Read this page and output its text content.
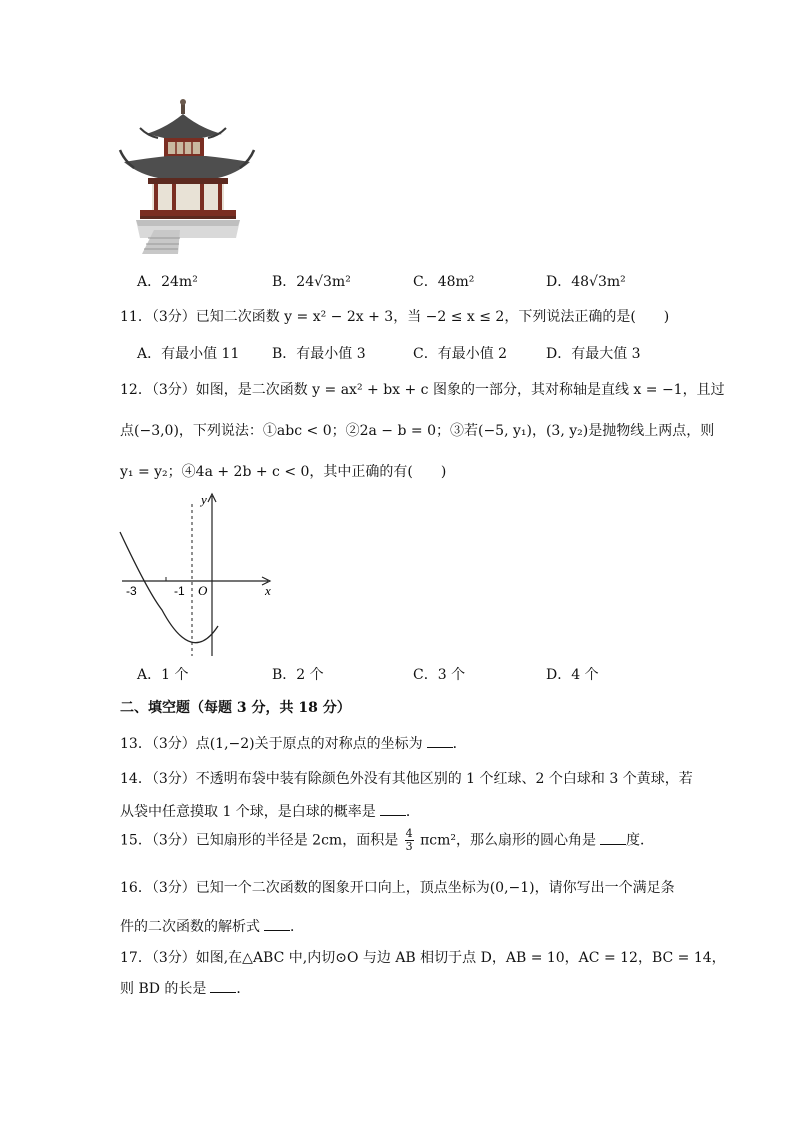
A．24m²	B．24√3m²	C．48m²	D．48√3m²
11．（3分）已知二次函数 y = x² − 2x + 3，当 −2 ≤ x ≤ 2，下列说法正确的是(　　)
A．有最小值 11 B．有最小值 3	C．有最小值 2	D．有最大值 3
12．（3分）如图，是二次函数 y = ax² + bx + c 图象的一部分，其对称轴是直线 x = −1，且过
点(−3,0)，下列说法：①abc < 0；②2a − b = 0；③若(−5, y₁)，(3, y₂)是抛物线上两点，则
y₁ = y₂；④4a + 2b + c < 0，其中正确的有(　　)
x
y
O
-3	-1
A．1 个	B．2 个	C．3 个	D．4 个
二、填空题（每题 3 分，共 18 分）
13．（3分）点(1,−2)关于原点的对称点的坐标为 ．
14．（3分）不透明布袋中装有除颜色外没有其他区别的 1 个红球、2 个白球和 3 个黄球，若
从袋中任意摸取 1 个球，是白球的概率是 ．
15．（3分）已知扇形的半径是 2cm，面积是 $\frac{4}{3} \pi cm^2$，那么扇形的圆心角是 度．
16．（3分）已知一个二次函数的图象开口向上，顶点坐标为(0,−1)，请你写出一个满足条
件的二次函数的解析式 ．
17．（3分）如图,在△ABC 中,内切⊙O 与边 AB 相切于点 D，AB = 10，AC = 12，BC = 14，
则 BD 的长是 ．
